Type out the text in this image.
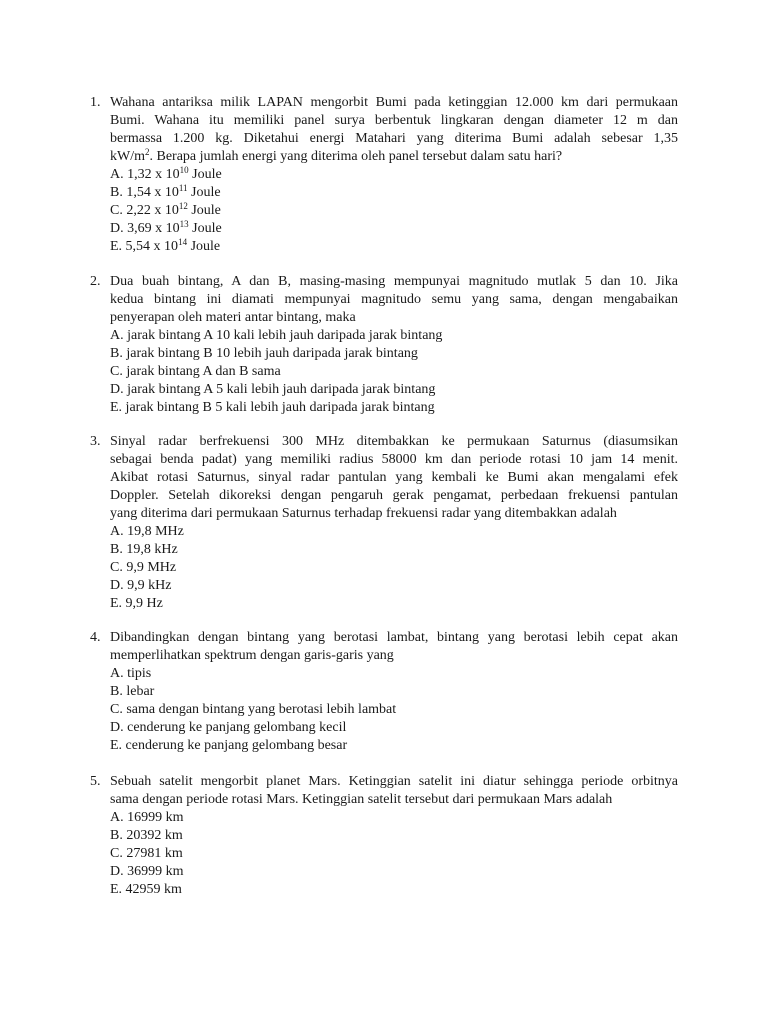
1. Wahana antariksa milik LAPAN mengorbit Bumi pada ketinggian 12.000 km dari permukaan
Bumi. Wahana itu memiliki panel surya berbentuk lingkaran dengan diameter 12 m dan
bermassa 1.200 kg. Diketahui energi Matahari yang diterima Bumi adalah sebesar 1,35
$kW/m^2$. Berapa jumlah energi yang diterima oleh panel tersebut dalam satu hari?
A. 1,32 x $10^{10}$ Joule
B. 1,54 x $10^{11}$ Joule
C. 2,22 x $10^{12}$ Joule
D. 3,69 x $10^{13}$ Joule
E. 5,54 x $10^{14}$ Joule
2. Dua buah bintang, A dan B, masing-masing mempunyai magnitudo mutlak 5 dan 10. Jika
kedua bintang ini diamati mempunyai magnitudo semu yang sama, dengan mengabaikan
penyerapan oleh materi antar bintang, maka
A. jarak bintang A 10 kali lebih jauh daripada jarak bintang
B. jarak bintang B 10 lebih jauh daripada jarak bintang
C. jarak bintang A dan B sama
D. jarak bintang A 5 kali lebih jauh daripada jarak bintang
E. jarak bintang B 5 kali lebih jauh daripada jarak bintang
3. Sinyal radar berfrekuensi 300 MHz ditembakkan ke permukaan Saturnus (diasumsikan
sebagai benda padat) yang memiliki radius 58000 km dan periode rotasi 10 jam 14 menit.
Akibat rotasi Saturnus, sinyal radar pantulan yang kembali ke Bumi akan mengalami efek
Doppler. Setelah dikoreksi dengan pengaruh gerak pengamat, perbedaan frekuensi pantulan
yang diterima dari permukaan Saturnus terhadap frekuensi radar yang ditembakkan adalah
A. 19,8 MHz
B. 19,8 kHz
C. 9,9 MHz
D. 9,9 kHz
E. 9,9 Hz
4. Dibandingkan dengan bintang yang berotasi lambat, bintang yang berotasi lebih cepat akan
memperlihatkan spektrum dengan garis-garis yang
A. tipis
B. lebar
C. sama dengan bintang yang berotasi lebih lambat
D. cenderung ke panjang gelombang kecil
E. cenderung ke panjang gelombang besar
5. Sebuah satelit mengorbit planet Mars. Ketinggian satelit ini diatur sehingga periode orbitnya
sama dengan periode rotasi Mars. Ketinggian satelit tersebut dari permukaan Mars adalah
A. 16999 km
B. 20392 km
C. 27981 km
D. 36999 km
E. 42959 km
